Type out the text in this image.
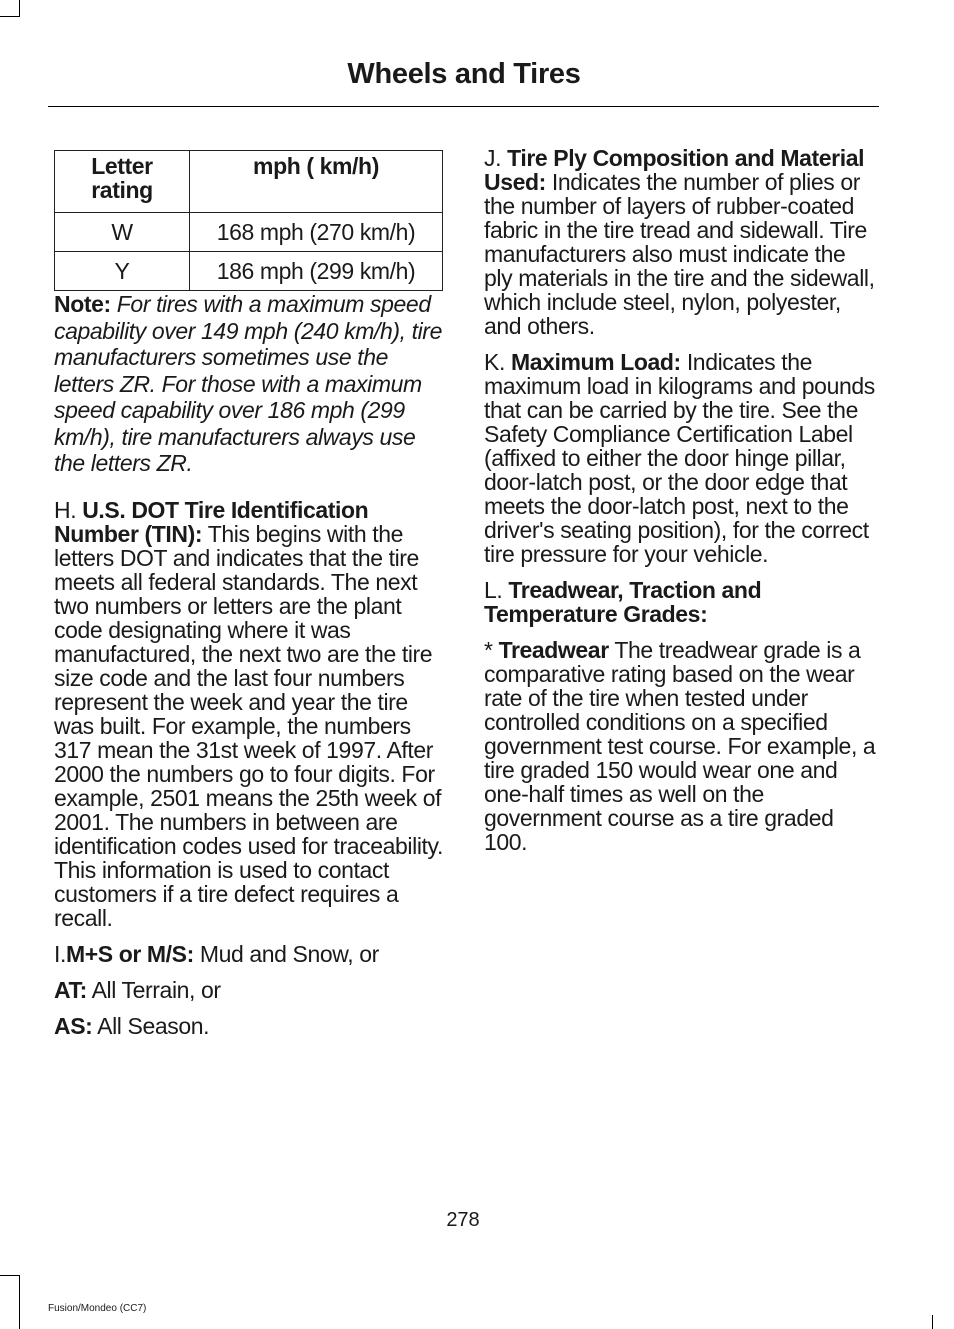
Wheels and Tires
Letter rating	mph ( km/h)
W	168 mph (270 km/h)
Y	186 mph (299 km/h)

Note: For tires with a maximum speed capability over 149 mph (240 km/h), tire manufacturers sometimes use the letters ZR. For those with a maximum speed capability over 186 mph (299 km/h), tire manufacturers always use the letters ZR.

H. U.S. DOT Tire Identification Number (TIN): This begins with the letters DOT and indicates that the tire meets all federal standards. The next two numbers or letters are the plant code designating where it was manufactured, the next two are the tire size code and the last four numbers represent the week and year the tire was built. For example, the numbers 317 mean the 31st week of 1997. After 2000 the numbers go to four digits. For example, 2501 means the 25th week of 2001. The numbers in between are identification codes used for traceability. This information is used to contact customers if a tire defect requires a recall.

I.M+S or M/S: Mud and Snow, or

AT: All Terrain, or

AS: All Season.

J. Tire Ply Composition and Material Used: Indicates the number of plies or the number of layers of rubber-coated fabric in the tire tread and sidewall. Tire manufacturers also must indicate the ply materials in the tire and the sidewall, which include steel, nylon, polyester, and others.

K. Maximum Load: Indicates the maximum load in kilograms and pounds that can be carried by the tire. See the Safety Compliance Certification Label (affixed to either the door hinge pillar, door-latch post, or the door edge that meets the door-latch post, next to the driver's seating position), for the correct tire pressure for your vehicle.

L. Treadwear, Traction and Temperature Grades:

* Treadwear The treadwear grade is a comparative rating based on the wear rate of the tire when tested under controlled conditions on a specified government test course. For example, a tire graded 150 would wear one and one-half times as well on the government course as a tire graded 100.

278
Fusion/Mondeo (CC7)
